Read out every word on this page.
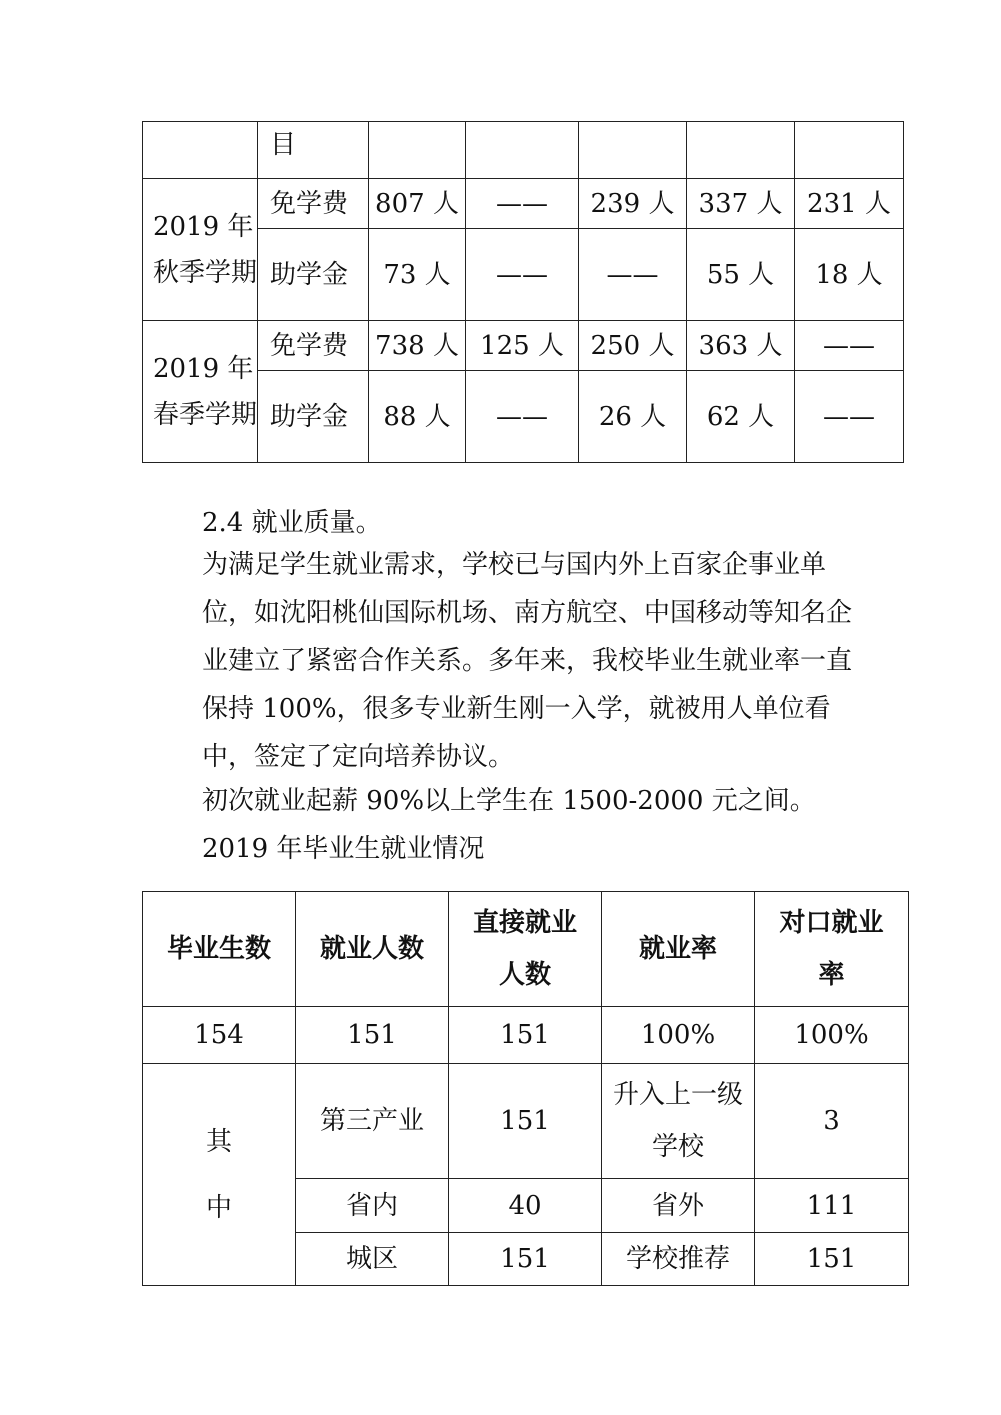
	目					
2019 年秋季学期	免学费	807 人	——	239 人	337 人	231 人
	助学金	73 人	——	——	55 人	18 人
2019 年春季学期	免学费	738 人	125 人	250 人	363 人	——
	助学金	88 人	——	26 人	62 人	——

2.4 就业质量。

为满足学生就业需求，学校已与国内外上百家企事业单位，如沈阳桃仙国际机场、南方航空、中国移动等知名企业建立了紧密合作关系。多年来，我校毕业生就业率一直保持 100%，很多专业新生刚一入学，就被用人单位看中，签定了定向培养协议。

初次就业起薪 90%以上学生在 1500-2000 元之间。

2019 年毕业生就业情况

毕业生数	就业人数	直接就业人数	就业率	对口就业率
154	151	151	100%	100%
其中	第三产业	151	升入上一级学校	3
	省内	40	省外	111
	城区	151	学校推荐	151
